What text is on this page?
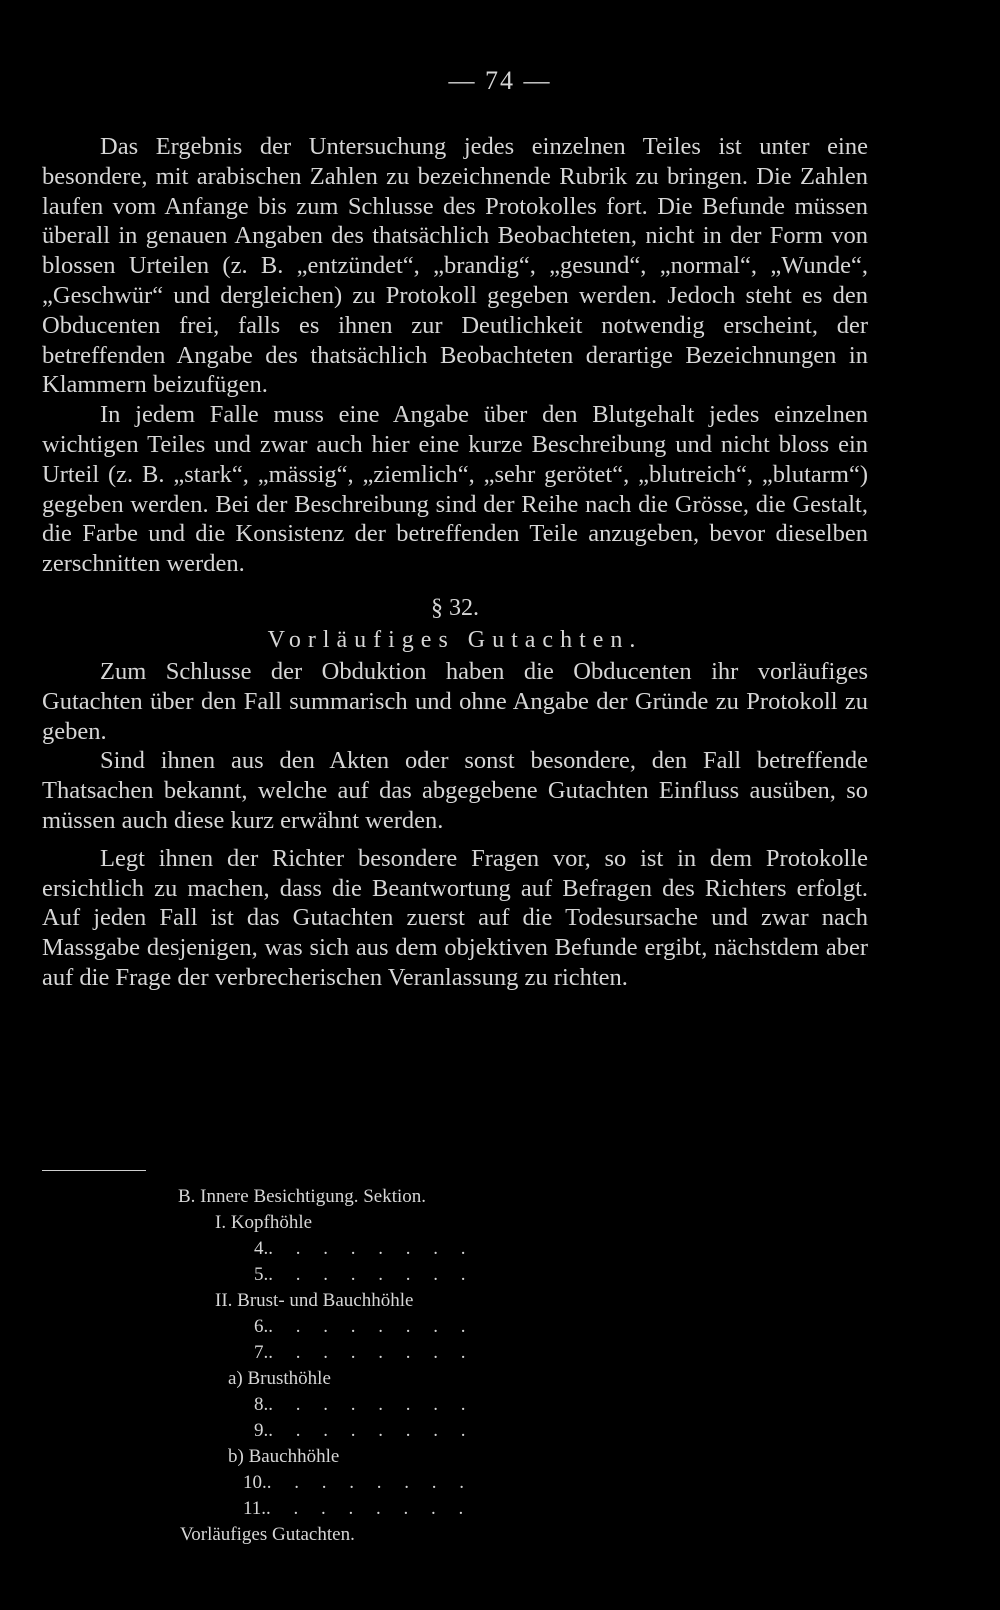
— 74 —

Das Ergebnis der Untersuchung jedes einzelnen Teiles ist unter eine besondere, mit arabischen Zahlen zu bezeichnende Rubrik zu bringen. Die Zahlen laufen vom Anfange bis zum Schlusse des Protokolles fort. Die Befunde müssen überall in genauen Angaben des thatsächlich Beobachteten, nicht in der Form von blossen Urteilen (z. B. „entzündet“, „brandig“, „gesund“, „normal“, „Wunde“, „Geschwür“ und dergleichen) zu Protokoll gegeben werden. Jedoch steht es den Obducenten frei, falls es ihnen zur Deutlichkeit notwendig erscheint, der betreffenden Angabe des thatsächlich Beobachteten derartige Bezeichnungen in Klammern beizufügen.

In jedem Falle muss eine Angabe über den Blutgehalt jedes einzelnen wichtigen Teiles und zwar auch hier eine kurze Beschreibung und nicht bloss ein Urteil (z. B. „stark“, „mässig“, „ziemlich“, „sehr gerötet“, „blutreich“, „blutarm“) gegeben werden. Bei der Beschreibung sind der Reihe nach die Grösse, die Gestalt, die Farbe und die Konsistenz der betreffenden Teile anzugeben, bevor dieselben zerschnitten werden.

§ 32.
Vorläufiges Gutachten.

Zum Schlusse der Obduktion haben die Obducenten ihr vorläufiges Gutachten über den Fall summarisch und ohne Angabe der Gründe zu Protokoll zu geben.

Sind ihnen aus den Akten oder sonst besondere, den Fall betreffende Thatsachen bekannt, welche auf das abgegebene Gutachten Einfluss ausüben, so müssen auch diese kurz erwähnt werden.

Legt ihnen der Richter besondere Fragen vor, so ist in dem Protokolle ersichtlich zu machen, dass die Beantwortung auf Befragen des Richters erfolgt. Auf jeden Fall ist das Gutachten zuerst auf die Todesursache und zwar nach Massgabe desjenigen, was sich aus dem objektiven Befunde ergibt, nächstdem aber auf die Frage der verbrecherischen Veranlassung zu richten.

B. Innere Besichtigung. Sektion.
I. Kopfhöhle
4.. . . . . . . .
5.. . . . . . . .
II. Brust- und Bauchhöhle
6.. . . . . . . .
7.. . . . . . . .
a) Brusthöhle
8.. . . . . . . .
9.. . . . . . . .
b) Bauchhöhle
10.. . . . . . . .
11.. . . . . . . .
Vorläufiges Gutachten.
